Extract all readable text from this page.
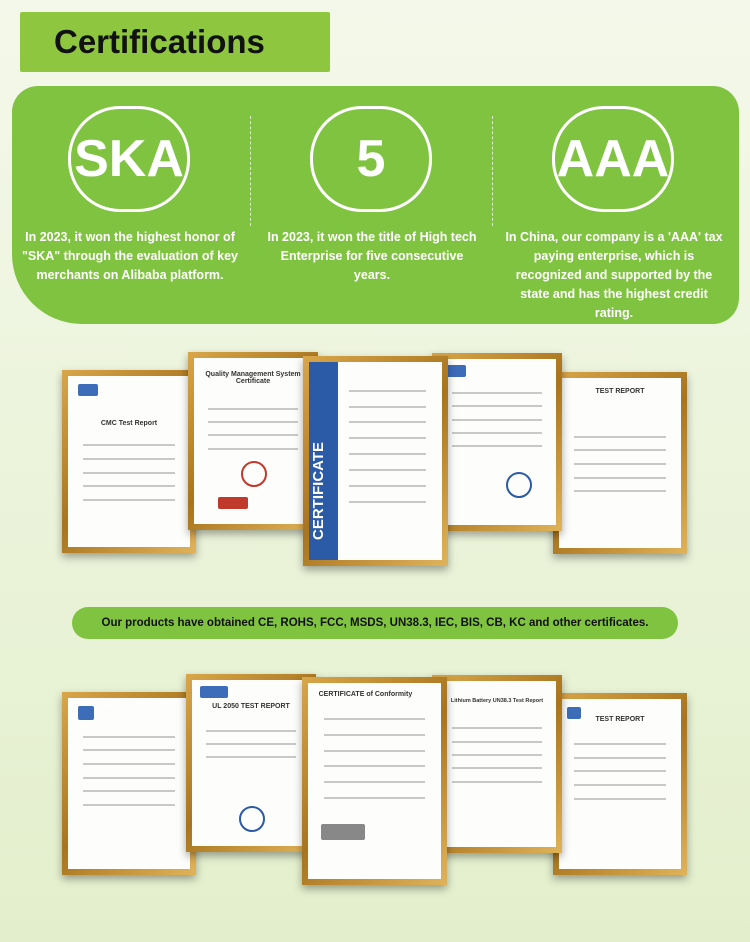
Certifications
SKA
In 2023, it won the highest honor of "SKA" through the evaluation of key merchants on Alibaba platform.
5
In 2023, it won the title of High tech Enterprise for five consecutive years.
AAA
In China, our company is a 'AAA' tax paying enterprise, which is recognized and supported by the state and has the highest credit rating.
CMC Test Report
Quality Management System Certificate
CERTIFICATE
TEST REPORT
Our products have obtained CE, ROHS, FCC, MSDS, UN38.3, IEC, BIS, CB, KC and other certificates.
IEC	UL 2050 TEST REPORT
CERTIFICATE of Conformity
Lithium Battery UN38.3 Test Report
TEST REPORT
